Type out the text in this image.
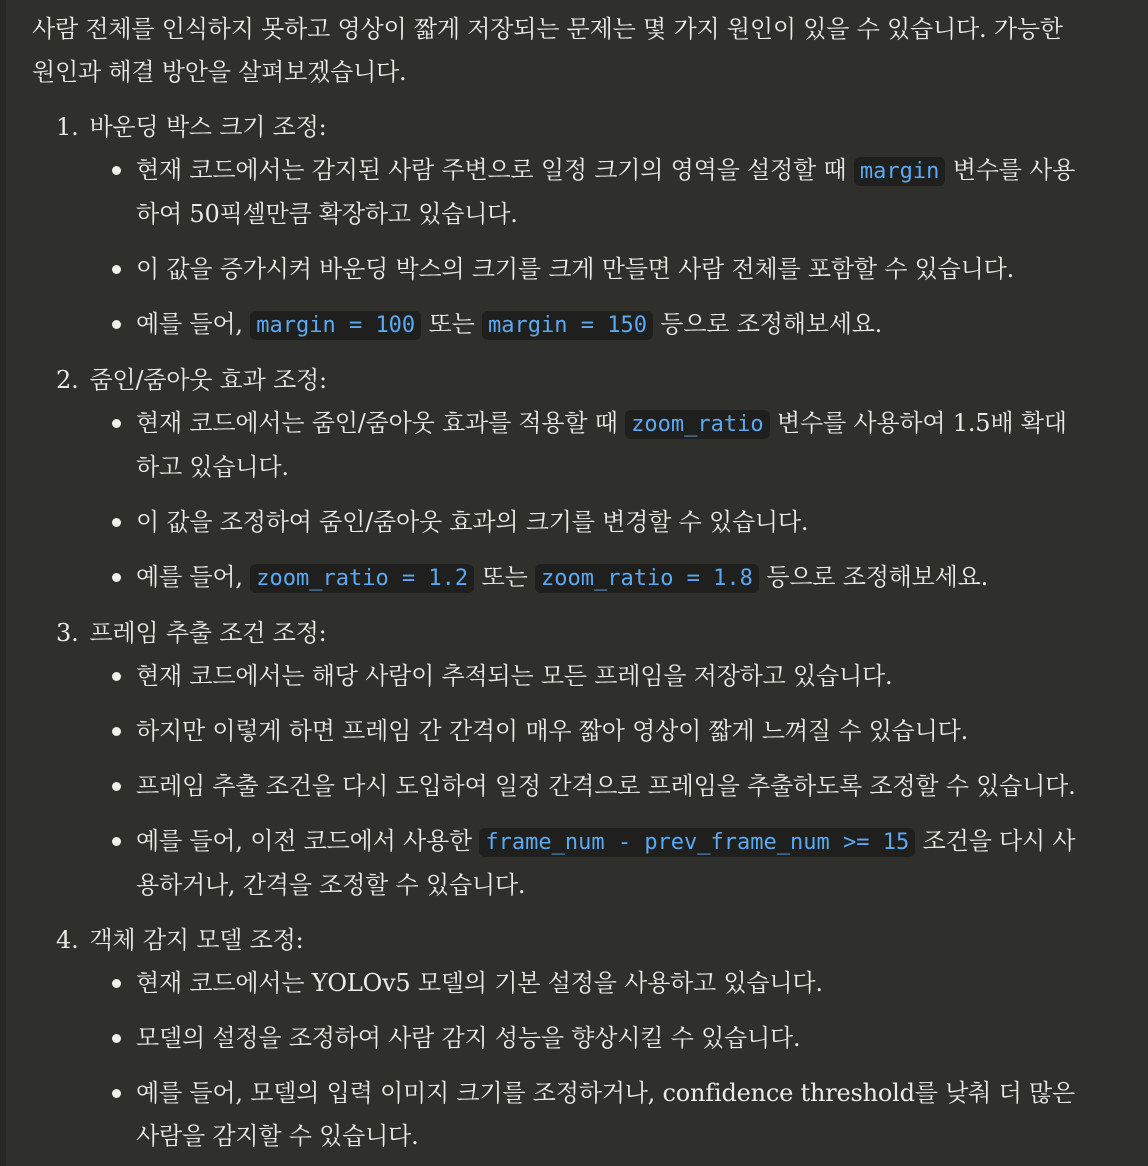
사람 전체를 인식하지 못하고 영상이 짧게 저장되는 문제는 몇 가지 원인이 있을 수 있습니다. 가능한 원인과 해결 방안을 살펴보겠습니다.

1. 바운딩 박스 크기 조정:
현재 코드에서는 감지된 사람 주변으로 일정 크기의 영역을 설정할 때 margin 변수를 사용하여 50픽셀만큼 확장하고 있습니다.
이 값을 증가시켜 바운딩 박스의 크기를 크게 만들면 사람 전체를 포함할 수 있습니다.
예를 들어, margin = 100 또는 margin = 150 등으로 조정해보세요.
2. 줌인/줌아웃 효과 조정:
현재 코드에서는 줌인/줌아웃 효과를 적용할 때 zoom_ratio 변수를 사용하여 1.5배 확대하고 있습니다.
이 값을 조정하여 줌인/줌아웃 효과의 크기를 변경할 수 있습니다.
예를 들어, zoom_ratio = 1.2 또는 zoom_ratio = 1.8 등으로 조정해보세요.
3. 프레임 추출 조건 조정:
현재 코드에서는 해당 사람이 추적되는 모든 프레임을 저장하고 있습니다.
하지만 이렇게 하면 프레임 간 간격이 매우 짧아 영상이 짧게 느껴질 수 있습니다.
프레임 추출 조건을 다시 도입하여 일정 간격으로 프레임을 추출하도록 조정할 수 있습니다.
예를 들어, 이전 코드에서 사용한 frame_num - prev_frame_num >= 15 조건을 다시 사용하거나, 간격을 조정할 수 있습니다.
4. 객체 감지 모델 조정:
현재 코드에서는 YOLOv5 모델의 기본 설정을 사용하고 있습니다.
모델의 설정을 조정하여 사람 감지 성능을 향상시킬 수 있습니다.
예를 들어, 모델의 입력 이미지 크기를 조정하거나, confidence threshold를 낮춰 더 많은 사람을 감지할 수 있습니다.
